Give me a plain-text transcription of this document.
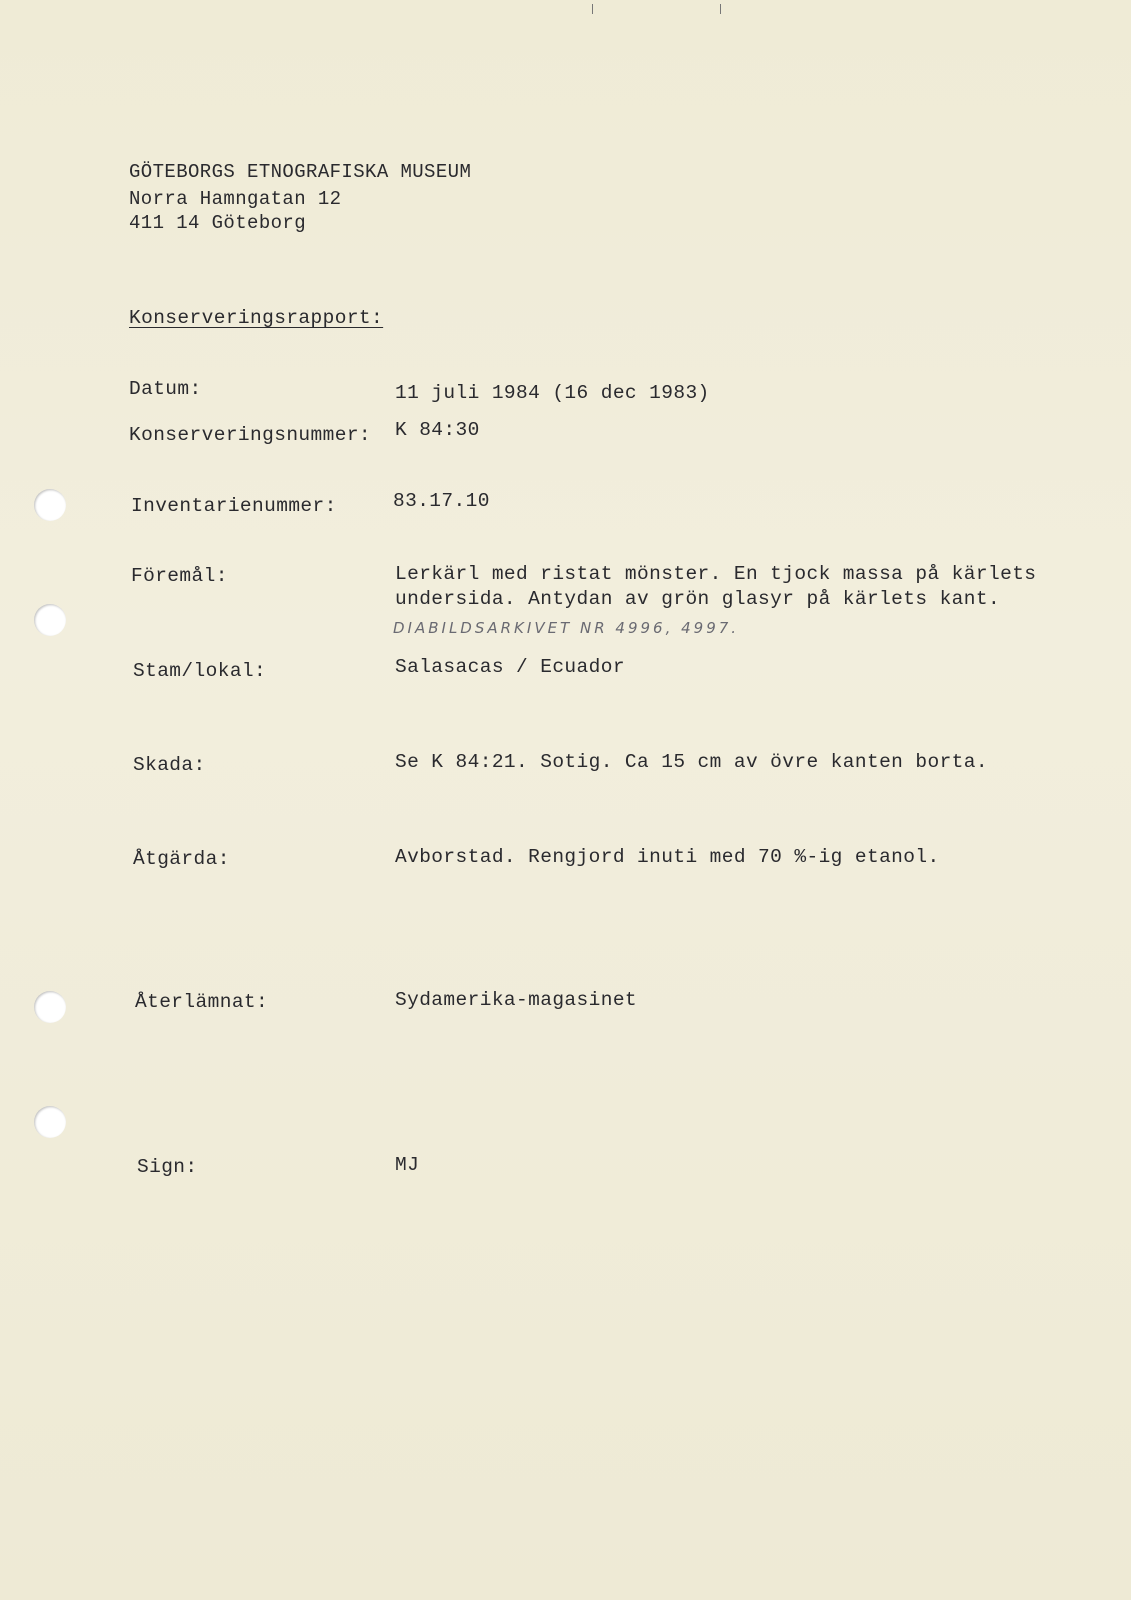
GÖTEBORGS ETNOGRAFISKA MUSEUM
Norra Hamngatan 12
411 14 Göteborg
Konserveringsrapport:
Datum:	11 juli 1984 (16 dec 1983)
Konserveringsnummer: K 84:30
Inventarienummer:	83.17.10
Föremål:	Lerkärl med ristat mönster. En tjock massa på kärlets
undersida. Antydan av grön glasyr på kärlets kant.
DIABILDSARKIVET NR 4996, 4997.
Stam/lokal:	Salasacas / Ecuador
Skada:	Se K 84:21. Sotig. Ca 15 cm av övre kanten borta.
Åtgärda:	Avborstad. Rengjord inuti med 70 %-ig etanol.
Återlämnat:	Sydamerika-magasinet
Sign:	MJ
